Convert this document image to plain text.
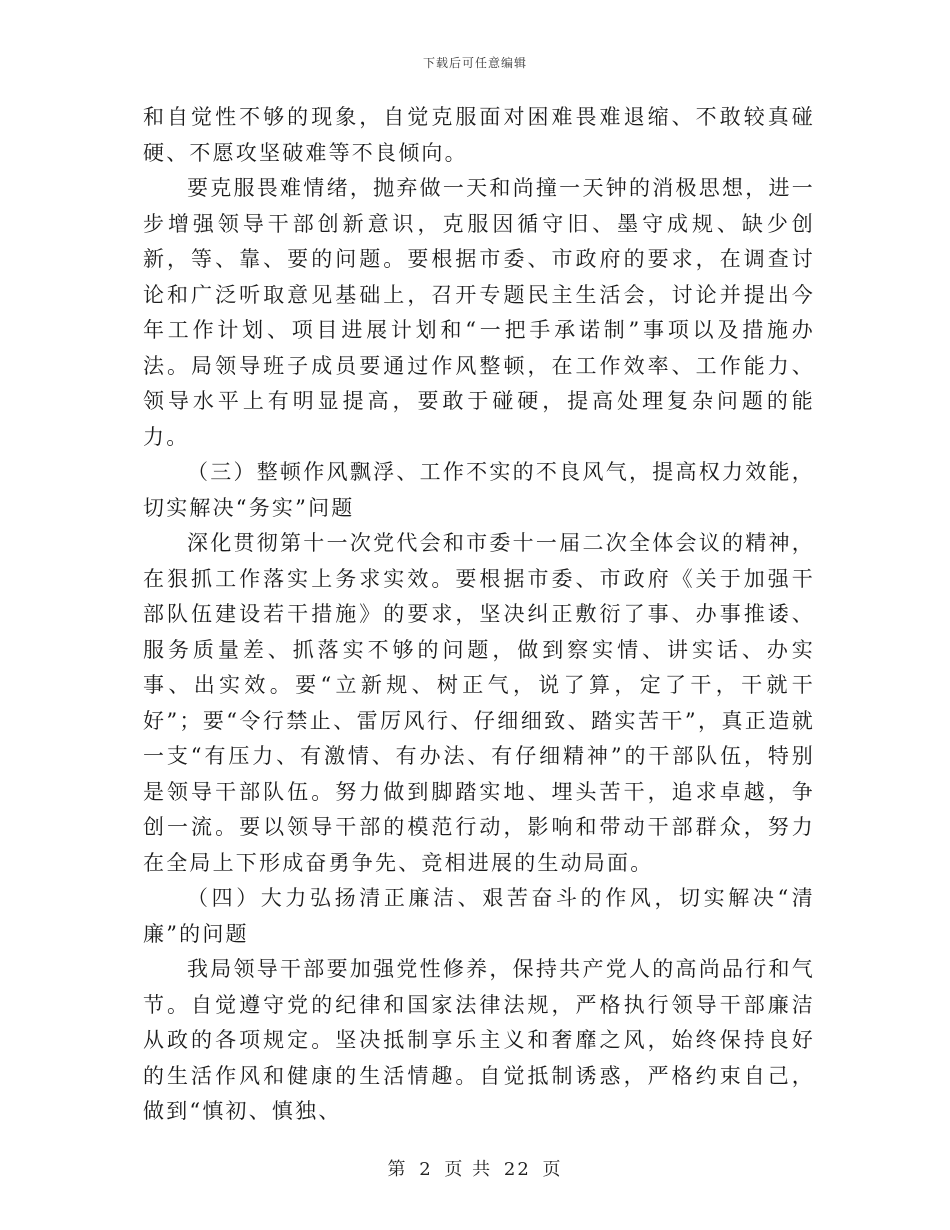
下载后可任意编辑

和自觉性不够的现象，自觉克服面对困难畏难退缩、不敢较真碰硬、不愿攻坚破难等不良倾向。

要克服畏难情绪，抛弃做一天和尚撞一天钟的消极思想，进一步增强领导干部创新意识，克服因循守旧、墨守成规、缺少创新，等、靠、要的问题。要根据市委、市政府的要求，在调查讨论和广泛听取意见基础上，召开专题民主生活会，讨论并提出今年工作计划、项目进展计划和“一把手承诺制”事项以及措施办法。局领导班子成员要通过作风整顿，在工作效率、工作能力、领导水平上有明显提高，要敢于碰硬，提高处理复杂问题的能力。

（三）整顿作风飘浮、工作不实的不良风气，提高权力效能，切实解决“务实”问题

深化贯彻第十一次党代会和市委十一届二次全体会议的精神，在狠抓工作落实上务求实效。要根据市委、市政府《关于加强干部队伍建设若干措施》的要求，坚决纠正敷衍了事、办事推诿、服务质量差、抓落实不够的问题，做到察实情、讲实话、办实事、出实效。要“立新规、树正气，说了算，定了干，干就干好”；要“令行禁止、雷厉风行、仔细细致、踏实苦干”，真正造就一支“有压力、有激情、有办法、有仔细精神”的干部队伍，特别是领导干部队伍。努力做到脚踏实地、埋头苦干，追求卓越，争创一流。要以领导干部的模范行动，影响和带动干部群众，努力在全局上下形成奋勇争先、竞相进展的生动局面。

（四）大力弘扬清正廉洁、艰苦奋斗的作风，切实解决“清廉”的问题

我局领导干部要加强党性修养，保持共产党人的高尚品行和气节。自觉遵守党的纪律和国家法律法规，严格执行领导干部廉洁从政的各项规定。坚决抵制享乐主义和奢靡之风，始终保持良好的生活作风和健康的生活情趣。自觉抵制诱惑，严格约束自己，做到“慎初、慎独、

第 2 页 共 22 页
